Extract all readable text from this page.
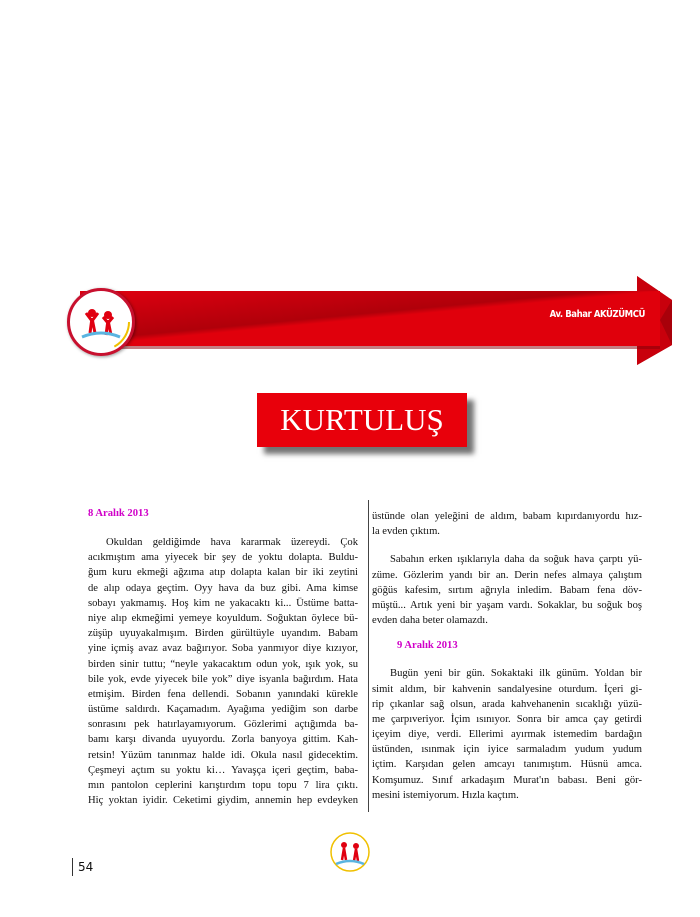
Av. Bahar AKÜZÜMCÜ
KURTULUŞ
8 Aralık 2013
Okuldan geldiğimde hava kararmak üzereydi. Çok
acıkmıştım ama yiyecek bir şey de yoktu dolapta. Buldu-
ğum kuru ekmeği ağzıma atıp dolapta kalan bir iki zeytini
de alıp odaya geçtim. Oyy hava da buz gibi. Ama kimse
sobayı yakmamış. Hoş kim ne yakacaktı ki... Üstüme batta-
niye alıp ekmeğimi yemeye koyuldum. Soğuktan öylece bü-
züşüp uyuyakalmışım. Birden gürültüyle uyandım. Babam
yine içmiş avaz avaz bağırıyor. Soba yanmıyor diye kızıyor,
birden sinir tuttu; “neyle yakacaktım odun yok, ışık yok, su
bile yok, evde yiyecek bile yok” diye isyanla bağırdım. Hata
etmişim. Birden fena dellendi. Sobanın yanındaki kürekle
üstüme saldırdı. Kaçamadım. Ayağıma yediğim son darbe
sonrasını pek hatırlayamıyorum. Gözlerimi açtığımda ba-
bamı karşı divanda uyuyordu. Zorla banyoya gittim. Kah-
retsin! Yüzüm tanınmaz halde idi. Okula nasıl gidecektim.
Çeşmeyi açtım su yoktu ki… Yavaşça içeri geçtim, baba-
mın pantolon ceplerini karıştırdım topu topu 7 lira çıktı.
Hiç yoktan iyidir. Ceketimi giydim, annemin hep evdeyken
üstünde olan yeleğini de aldım, babam kıpırdanıyordu hız-
la evden çıktım.
Sabahın erken ışıklarıyla daha da soğuk hava çarptı yü-
züme. Gözlerim yandı bir an. Derin nefes almaya çalıştım
göğüs kafesim, sırtım ağrıyla inledim. Babam fena döv-
müştü... Artık yeni bir yaşam vardı. Sokaklar, bu soğuk boş
evden daha beter olamazdı.
9 Aralık 2013
Bugün yeni bir gün. Sokaktaki ilk günüm. Yoldan bir
simit aldım, bir kahvenin sandalyesine oturdum. İçeri gi-
rip çıkanlar sağ olsun, arada kahvehanenin sıcaklığı yüzü-
me çarpıveriyor. İçim ısınıyor. Sonra bir amca çay getirdi
içeyim diye, verdi. Ellerimi ayırmak istemedim bardağın
üstünden, ısınmak için iyice sarmaladım yudum yudum
içtim. Karşıdan gelen amcayı tanımıştım. Hüsnü amca.
Komşumuz. Sınıf arkadaşım Murat'ın babası. Beni gör-
mesini istemiyorum. Hızla kaçtım.
54
